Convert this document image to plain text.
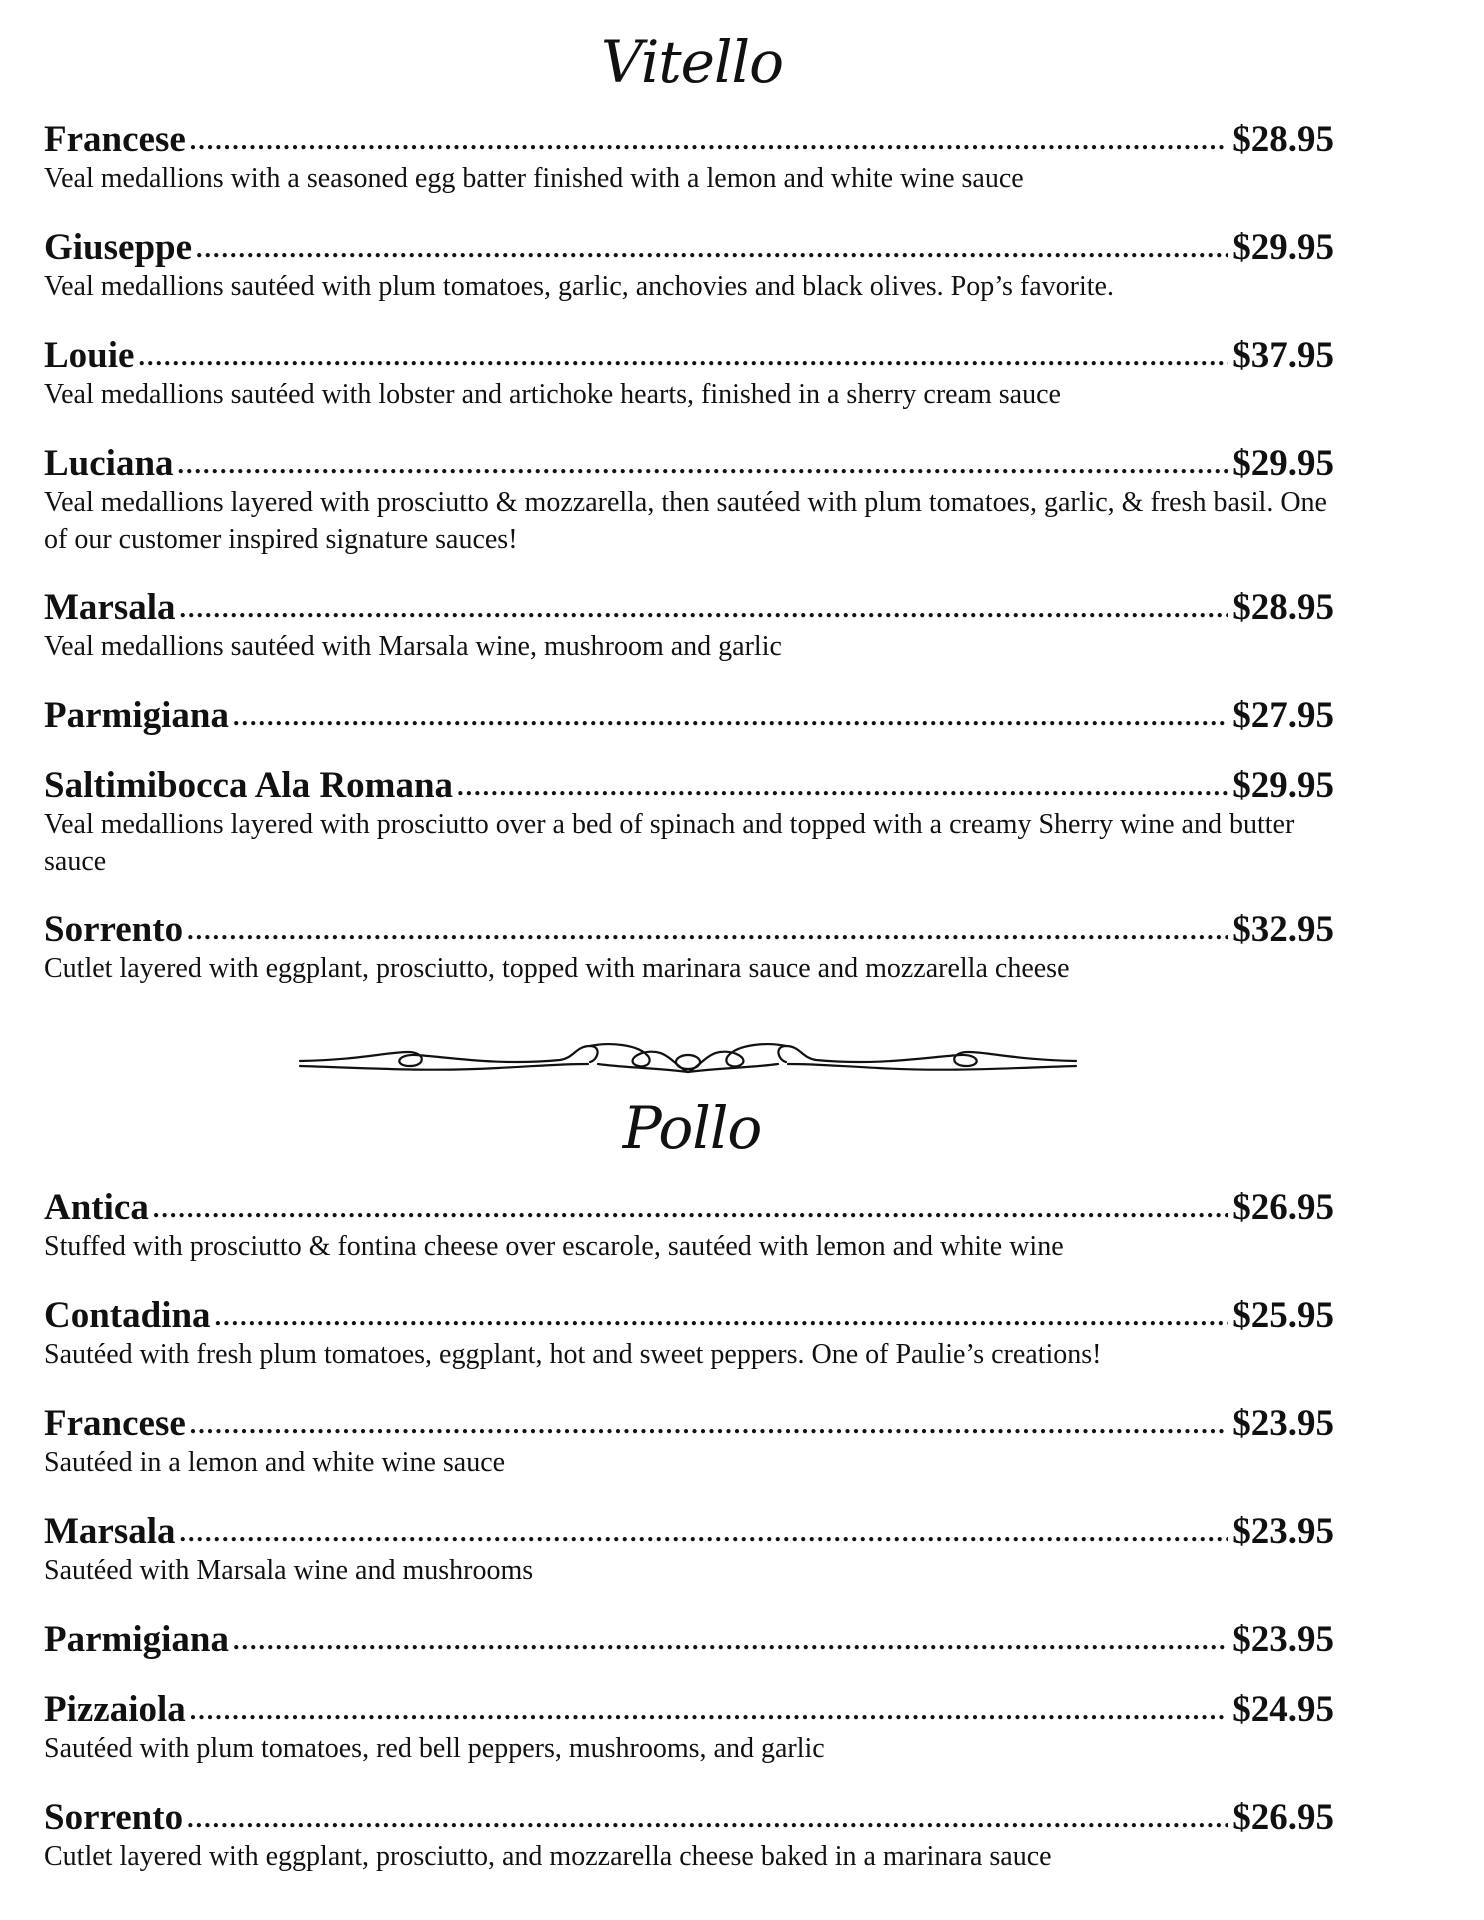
Vitello
Francese .....	$28.95
Veal medallions with a seasoned egg batter finished with a lemon and white wine sauce
Giuseppe .....	$29.95
Veal medallions sautéed with plum tomatoes, garlic, anchovies and black olives. Pop’s favorite.
Louie .....	$37.95
Veal medallions sautéed with lobster and artichoke hearts, finished in a sherry cream sauce
Luciana .....	$29.95
Veal medallions layered with prosciutto & mozzarella, then sautéed with plum tomatoes, garlic, & fresh basil. One of our customer inspired signature sauces!
Marsala .....	$28.95
Veal medallions sautéed with Marsala wine, mushroom and garlic
Parmigiana .....	$27.95
Saltimibocca Ala Romana .....	$29.95
Veal medallions layered with prosciutto over a bed of spinach and topped with a creamy Sherry wine and butter sauce
Sorrento .....	$32.95
Cutlet layered with eggplant, prosciutto, topped with marinara sauce and mozzarella cheese
Pollo
Antica .....	$26.95
Stuffed with prosciutto & fontina cheese over escarole, sautéed with lemon and white wine
Contadina .....	$25.95
Sautéed with fresh plum tomatoes, eggplant, hot and sweet peppers. One of Paulie’s creations!
Francese .....	$23.95
Sautéed in a lemon and white wine sauce
Marsala .....	$23.95
Sautéed with Marsala wine and mushrooms
Parmigiana .....	$23.95
Pizzaiola .....	$24.95
Sautéed with plum tomatoes, red bell peppers, mushrooms, and garlic
Sorrento .....	$26.95
Cutlet layered with eggplant, prosciutto, and mozzarella cheese baked in a marinara sauce
